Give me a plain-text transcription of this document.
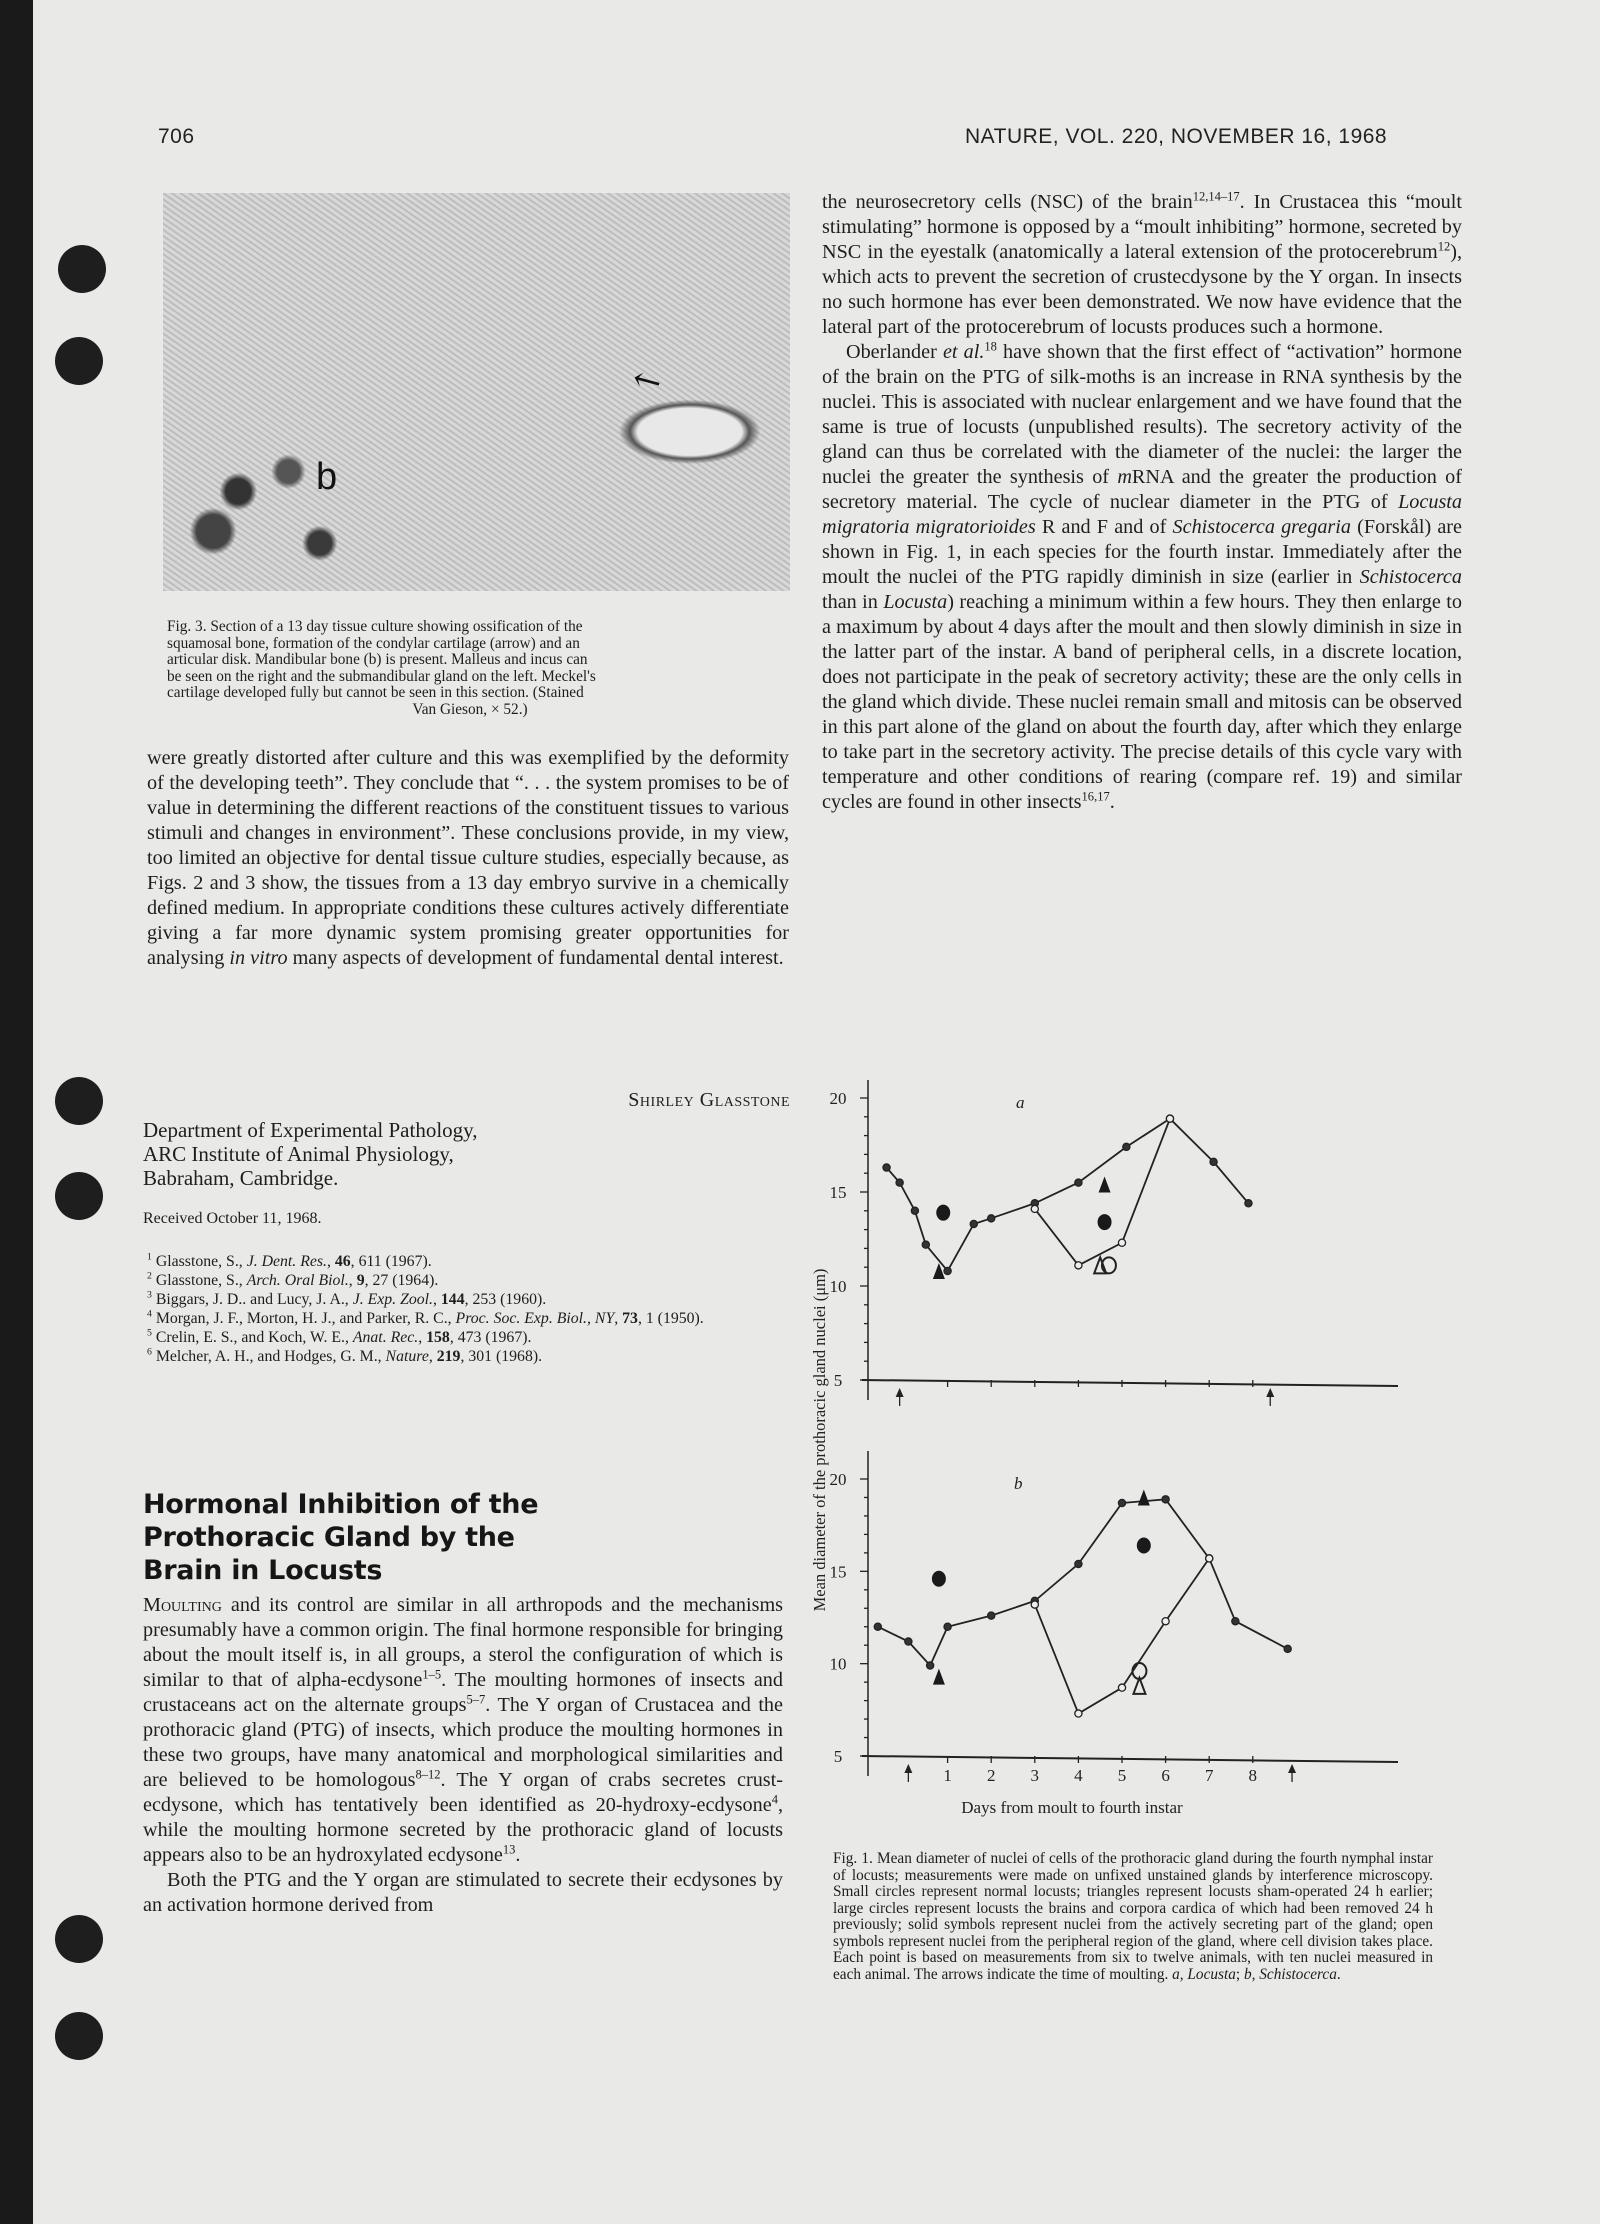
706	NATURE, VOL. 220, NOVEMBER 16, 1968
b
↖
Fig. 3. Section of a 13 day tissue culture showing ossification of the
squamosal bone, formation of the condylar cartilage (arrow) and an
articular disk. Mandibular bone (b) is present. Malleus and incus can
be seen on the right and the submandibular gland on the left. Meckel's
cartilage developed fully but cannot be seen in this section. (Stained
Van Gieson, × 52.)

were greatly distorted after culture and this was exemplified by the deformity of the developing teeth”. They conclude that “. . . the system promises to be of value in determining the different reactions of the constituent tissues to various stimuli and changes in environment”. These conclusions provide, in my view, too limited an objective for dental tissue culture studies, especially because, as Figs. 2 and 3 show, the tissues from a 13 day embryo survive in a chemically defined medium. In appropriate conditions these cultures actively differentiate giving a far more dynamic system promising greater opportunities for analysing in vitro many aspects of development of fundamental dental interest.

Shirley Glasstone
Department of Experimental Pathology,
ARC Institute of Animal Physiology,
Babraham, Cambridge.
Received October 11, 1968.
$^1$ Glasstone, S., J. Dent. Res., 46, 611 (1967).
$^2$ Glasstone, S., Arch. Oral Biol., 9, 27 (1964).
$^3$ Biggars, J. D.. and Lucy, J. A., J. Exp. Zool., 144, 253 (1960).
$^4$ Morgan, J. F., Morton, H. J., and Parker, R. C., Proc. Soc. Exp. Biol., NY, 73, 1 (1950).
$^5$ Crelin, E. S., and Koch, W. E., Anat. Rec., 158, 473 (1967).
$^6$ Melcher, A. H., and Hodges, G. M., Nature, 219, 301 (1968).
Hormonal Inhibition of the
Prothoracic Gland by the
Brain in Locusts

Moulting and its control are similar in all arthropods and the mechanisms presumably have a common origin. The final hormone responsible for bringing about the moult itself is, in all groups, a sterol the configuration of which is similar to that of alpha-ecdysone$^{1-5}$. The moulting hormones of insects and crustaceans act on the alternate groups$^{5-7}$. The Y organ of Crustacea and the prothoracic gland (PTG) of insects, which produce the moulting hormones in these two groups, have many anatomical and morphological similarities and are believed to be homologous$^{8-12}$. The Y organ of crabs secretes crust-ecdysone, which has tentatively been identified as 20-hydroxy-ecdysone$^4$, while the moulting hormone secreted by the prothoracic gland of locusts appears also to be an hydroxylated ecdysone$^{13}$.

Both the PTG and the Y organ are stimulated to secrete their ecdysones by an activation hormone derived from

the neurosecretory cells (NSC) of the brain$^{12,14-17}$. In Crustacea this “moult stimulating” hormone is opposed by a “moult inhibiting” hormone, secreted by NSC in the eyestalk (anatomically a lateral extension of the protocerebrum$^{12}$), which acts to prevent the secretion of crustecdysone by the Y organ. In insects no such hormone has ever been demonstrated. We now have evidence that the lateral part of the protocerebrum of locusts produces such a hormone.

Oberlander et al.$^{18}$ have shown that the first effect of “activation” hormone of the brain on the PTG of silk-moths is an increase in RNA synthesis by the nuclei. This is associated with nuclear enlargement and we have found that the same is true of locusts (unpublished results). The secretory activity of the gland can thus be correlated with the diameter of the nuclei: the larger the nuclei the greater the synthesis of mRNA and the greater the production of secretory material. The cycle of nuclear diameter in the PTG of Locusta migratoria migratorioides R and F and of Schistocerca gregaria (Forskål) are shown in Fig. 1, in each species for the fourth instar. Immediately after the moult the nuclei of the PTG rapidly diminish in size (earlier in Schistocerca than in Locusta) reaching a minimum within a few hours. They then enlarge to a maximum by about 4 days after the moult and then slowly diminish in size in the latter part of the instar. A band of peripheral cells, in a discrete location, does not participate in the peak of secretory activity; these are the only cells in the gland which divide. These nuclei remain small and mitosis can be observed in this part alone of the gland on about the fourth day, after which they enlarge to take part in the secretory activity. The precise details of this cycle vary with temperature and other conditions of rearing (compare ref. 19) and similar cycles are found in other insects$^{16,17}$.

5
10
15
20	a
5
10
15
20	b
1 2 3 4 5 6 7 8
Days from moult to fourth instar
Mean diameter of the prothoracic gland nuclei (μm)
Fig. 1. Mean diameter of nuclei of cells of the prothoracic gland during the fourth nymphal instar of locusts; measurements were made on unfixed unstained glands by interference microscopy. Small circles represent normal locusts; triangles represent locusts sham-operated 24 h earlier; large circles represent locusts the brains and corpora cardica of which had been removed 24 h previously; solid symbols represent nuclei from the actively secreting part of the gland; open symbols represent nuclei from the peripheral region of the gland, where cell division takes place. Each point is based on measurements from six to twelve animals, with ten nuclei measured in each animal. The arrows indicate the time of moulting. a, Locusta; b, Schistocerca.
